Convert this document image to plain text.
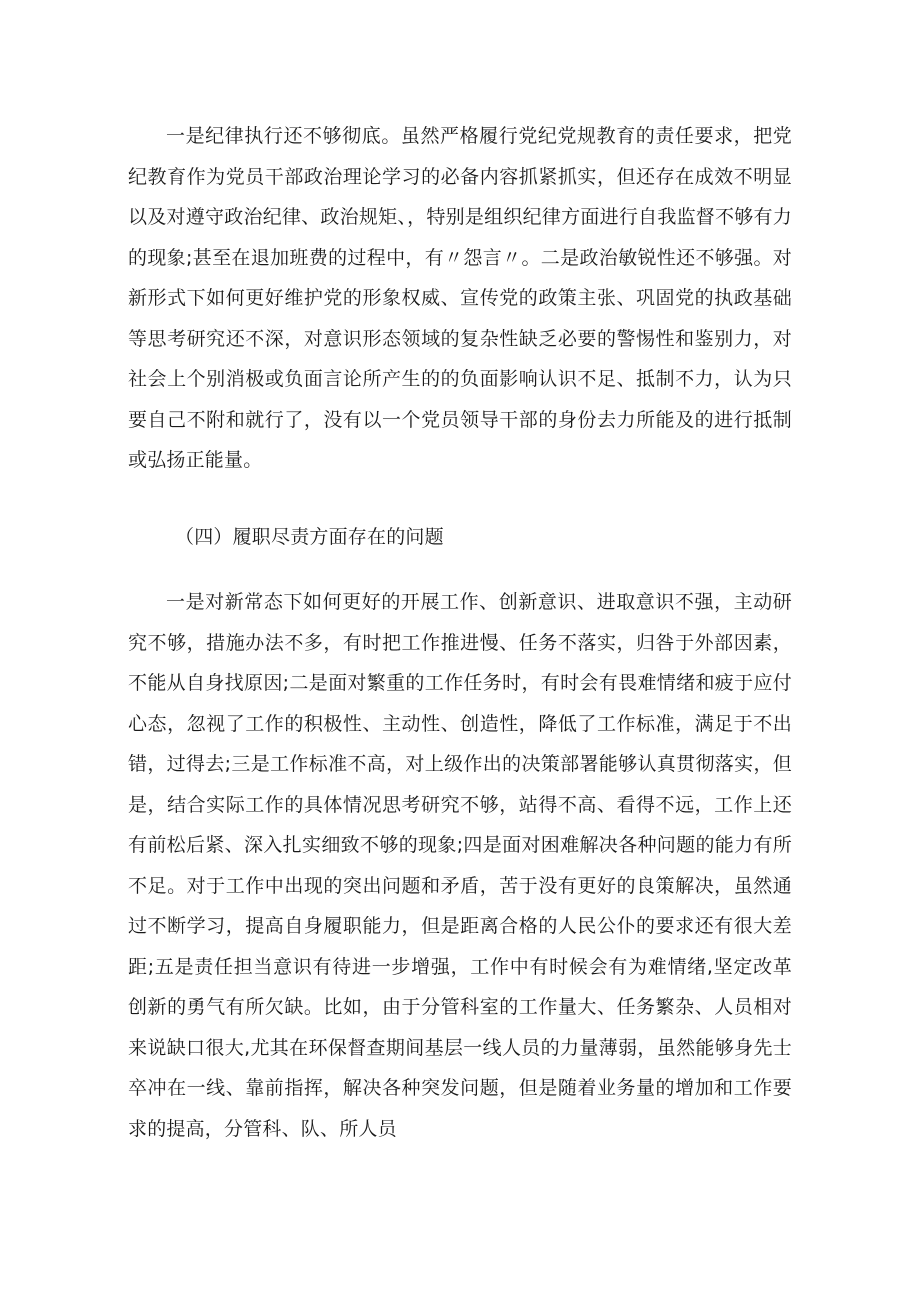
一是纪律执行还不够彻底。虽然严格履行党纪党规教育的责任要求，把党纪教育作为党员干部政治理论学习的必备内容抓紧抓实，但还存在成效不明显以及对遵守政治纪律、政治规矩、，特别是组织纪律方面进行自我监督不够有力的现象;甚至在退加班费的过程中，有〃怨言〃。二是政治敏锐性还不够强。对新形式下如何更好维护党的形象权威、宣传党的政策主张、巩固党的执政基础等思考研究还不深，对意识形态领域的复杂性缺乏必要的警惕性和鉴别力，对社会上个别消极或负面言论所产生的的负面影响认识不足、抵制不力，认为只要自己不附和就行了，没有以一个党员领导干部的身份去力所能及的进行抵制或弘扬正能量。

（四）履职尽责方面存在的问题

一是对新常态下如何更好的开展工作、创新意识、进取意识不强，主动研究不够，措施办法不多，有时把工作推进慢、任务不落实，归咎于外部因素，不能从自身找原因;二是面对繁重的工作任务时，有时会有畏难情绪和疲于应付心态，忽视了工作的积极性、主动性、创造性，降低了工作标准，满足于不出错，过得去;三是工作标准不高，对上级作出的决策部署能够认真贯彻落实，但是，结合实际工作的具体情况思考研究不够，站得不高、看得不远，工作上还有前松后紧、深入扎实细致不够的现象;四是面对困难解决各种问题的能力有所不足。对于工作中出现的突出问题和矛盾，苦于没有更好的良策解决，虽然通过不断学习，提高自身履职能力，但是距离合格的人民公仆的要求还有很大差距;五是责任担当意识有待进一步增强，工作中有时候会有为难情绪,坚定改革创新的勇气有所欠缺。比如，由于分管科室的工作量大、任务繁杂、人员相对来说缺口很大,尤其在环保督查期间基层一线人员的力量薄弱，虽然能够身先士卒冲在一线、靠前指挥，解决各种突发问题，但是随着业务量的增加和工作要求的提高，分管科、队、所人员
